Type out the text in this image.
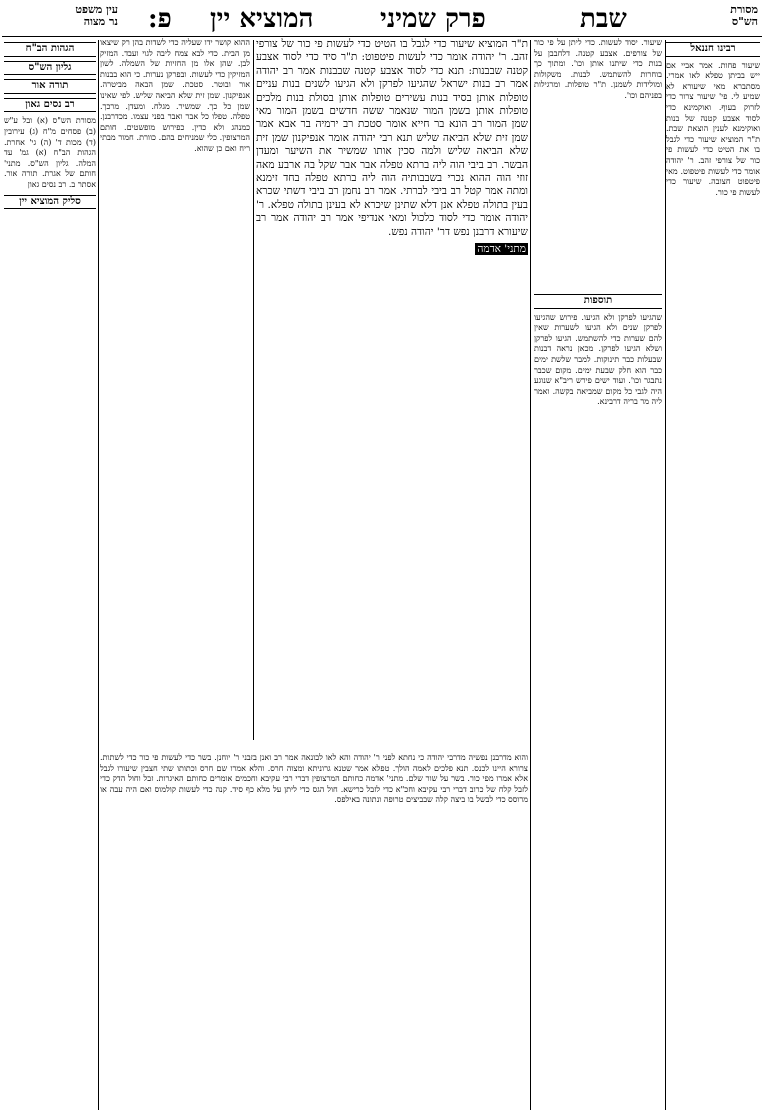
עין משפט
נר מצוה	פ: המוציא יין	פרק שמיני	שבת	מסורת
הש"ס
רבינו חננאל

שיעור פחות. אמר אביי אם ייש בביתן טפלא לאו אמרי. מסתברא מאי שיעורא לא שמיע לי. פי' שיעור צרור כדי לזרוק בעוף. ואוקמינא כדי לסוד אצבע קטנה של בנות ואוקימנא לענין הוצאת שבת. ת"ר המוציא שיעור כדי לגבל בו את הטיט כדי לעשות פי כור של צורפי זהב. ר' יהודה אומר כדי לעשות פיטפוט. מאי פיטפוט חצובה. שיעור כדי לעשות פי כור.

שיעור. יסוד לעשות. כדי ליתן על פי כור של צורפים. אצבע קטנה. דלחבבן על בנות כדי שיתנו אותן וכו'. ומתוך כך בוחרות להשתמש. לבנות. משקולות ומולידות לשמנן. ת"ר טופלות. ומרגילות בפניהם וכו'.

תוספות

שהגיעו לפרקן ולא הגיעו. פירוש שהגיעו לפרקן שנים ולא הגיעו לשערות שאין להם שערות כדי להשתמש. הגיעו לפרקן ושלא הגיעו לפרקן. מכאן נראה דבנות שבעלות כבר תינוקות. למבר שלשת ימים כבר הוא חלק שבעת ימים. מקום שכבר נתבגר וכו'. ועוד ישים פירש ריב"א שנוגע היה לגבי כל מקום שמביאה בקשה. ואמר ליה מר בריה דרבינא.

ת"ר המוציא שיעור כדי לגבל בו הטיט כדי לעשות פי כור של צורפי זהב. ר' יהודה אומר כדי לעשות פיטפוט: ת"ר סיד כדי לסוד אצבע קטנה שבבנות: תנא כדי לסוד אצבע קטנה שבבנות אמר רב יהודה אמר רב בנות ישראל שהגיעו לפרקן ולא הגיעו לשנים בנות עניים טופלות אותן בסיד בנות עשירים טופלות אותן בסולת בנות מלכים טופלות אותן בשמן המור שנאמר ששה חדשים בשמן המור מאי שמן המור רב הונא בר חייא אומר סטכת רב ירמיה בר אבא אמר שמן זית שלא הביאה שליש תנא רבי יהודה אומר אנפיקנון שמן זית שלא הביאה שליש ולמה סכין אותו שמשיר את השיער ומעדן הבשר. רב ביבי הוה ליה ברתא טפלה אבר אבר שקל בה ארבע מאה זוזי הוה ההוא נכרי בשבבותיה הוה ליה ברתא טפלה בחד זימנא ומתה אמר קטל רב ביבי לברתי. אמר רב נחמן רב ביבי דשתי שכרא בעין בתולה טפלא אנן דלא שתינן שיכרא לא בעינן בתולה טפלא. ר' יהודה אומר כדי לסוד כלכול ומאי אנדיפי אמר רב יהודה אמר רב שיעורא דרבנן נפש דר' יהודה נפש.

מתני' אדמה

ההוא קושר ידו שעליה כדי לשדות בהן רק שיצאו מן הבית. כדי לבא צמח ליבה לגוי ועבד. המזיק לבן. שהן אלו מן החזיות של השמלה. לשון המזיקין כדי לעשות. ובפרקן נערות. כי הוא בבנות אור ובוטר. סטכת. שמן הבאה מביטרה. אנפיקנון. שמן זית שלא הביאה שליש. לפי שאינו שמן כל כך. שמשיר. מגלח. ומעדן. מרכך. טפלה. טפלו כל אבר ואבר בפני עצמו. מכדרבנן. כמנהג ולא כדין. כפירוש מופשטים. חותם המרצופין. כלי שמניחים בהם. כוורת. חמור מבתי ריח ואם כן שהוא.

והוא מדרבנן נפשיה מדרבי יהודה כי נחתא לפני ר' יהודה והא לאו לבונאה אמר רב ואנן בזבני ר' יוחנן. בשר כדי לעשות פי כור כדי לשתות. צרורא היינו לכנס. תנא פלכים לאמה הולך. טפלא אמר שטנא גרוניתא ומצוה חרס. והלא אמרו שם חרס וכתותו שתי חצבין שיעורו לגבל אלא אמרו מפי כור. בשר על שור שלם. מתני' אדמה כחותם המרצופין דברי רבי עקיבא וחכמים אומרים כחותם האיגרות. זבל וחול הדק כדי לזבל קלח של כרוב דברי רבי עקיבא וחכ"א כדי לזבל כרישא. חול הגס כדי ליתן על מלא כף סיד. קנה כדי לעשות קולמוס ואם היה עבה או מרוסס כדי לבשל בו ביצה קלה שבביצים טרופה ונתונה באילפס.

הגהות הב"ח
גליון הש"ס
תורה אור
רב נסים גאון

מסורת הש"ס (א) ובל ע"ש (ב) פסחים מ"ח (ג) עירובין (ד) מכות ד' (ה) גי' אחרת. הגהות הב"ח (א) גמ' עד המלה. גליון הש"ס. מתני' חותם של אגרת. תורה אור. אסתר ב. רב נסים גאון

סליק המוציא יין
